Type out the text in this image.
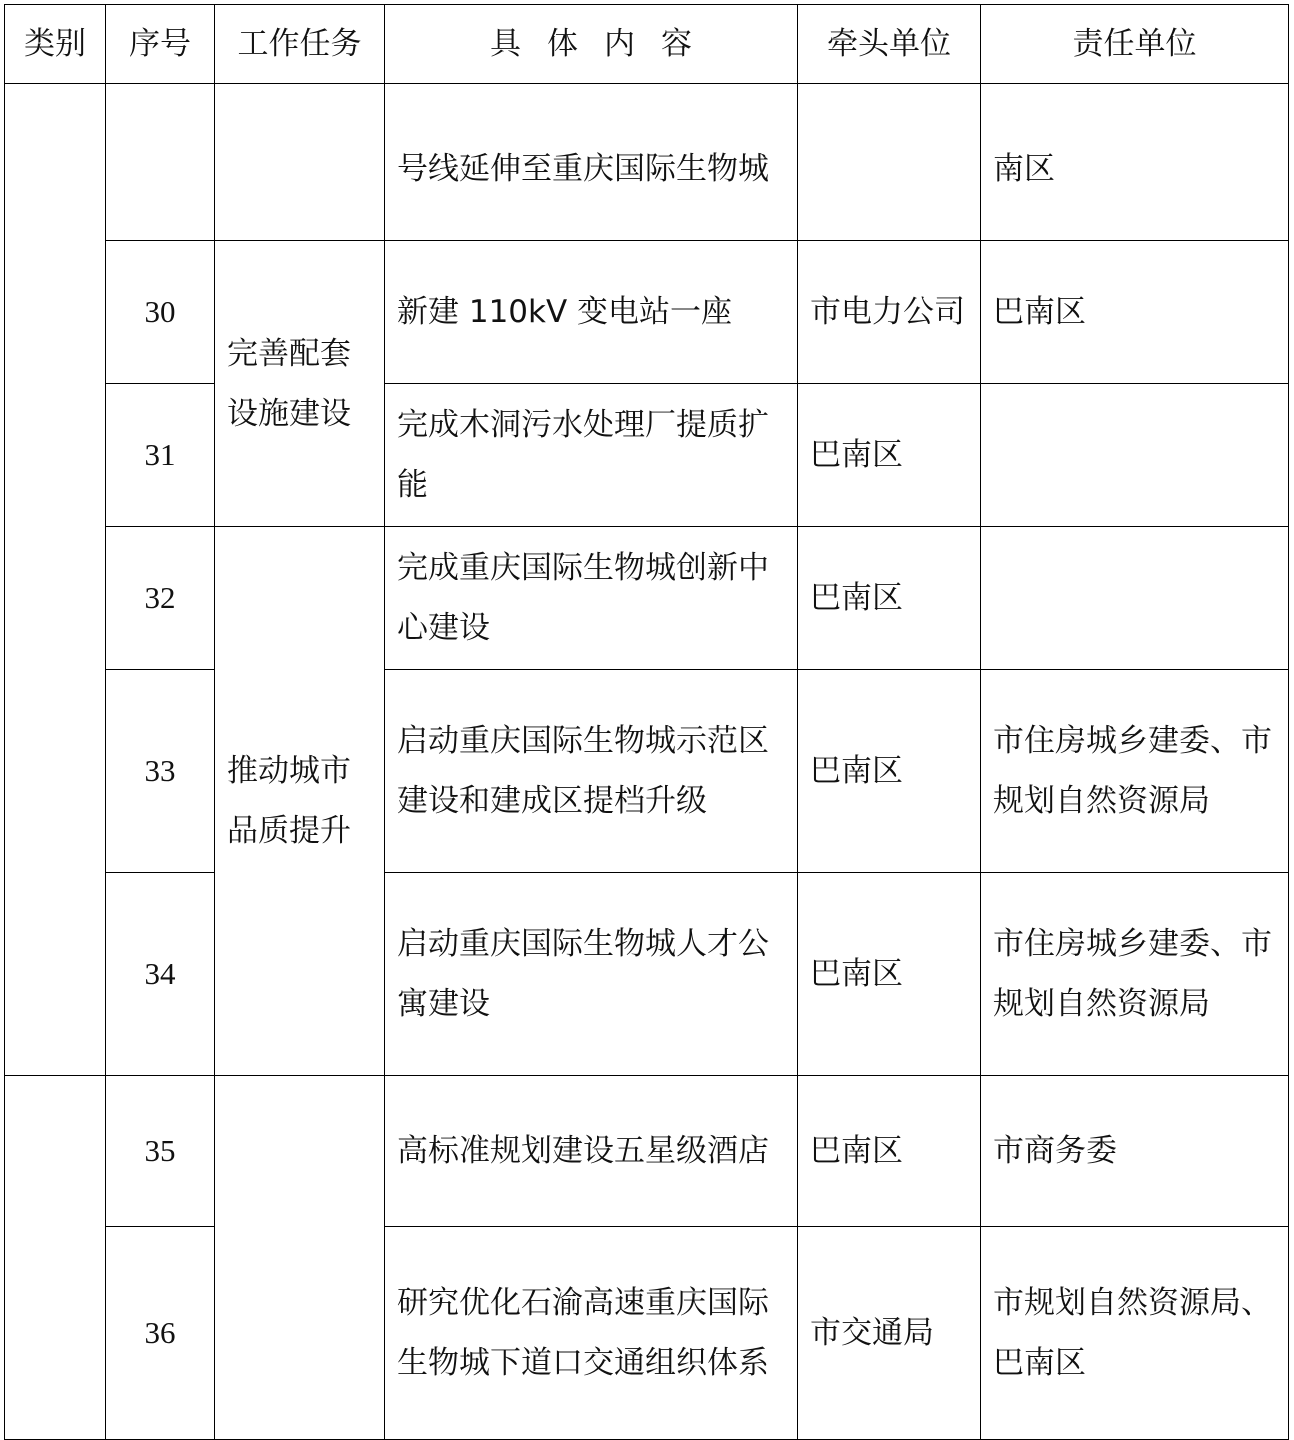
类别	序号	工作任务	具体内容	牵头单位	责任单位
			号线延伸至重庆国际生物城		南区
	30	完善配套设施建设	新建 110kV 变电站一座	市电力公司	巴南区
	31		完成木洞污水处理厂提质扩能	巴南区	
	32	推动城市品质提升	完成重庆国际生物城创新中心建设	巴南区	
	33		启动重庆国际生物城示范区建设和建成区提档升级	巴南区	市住房城乡建委、市规划自然资源局
	34		启动重庆国际生物城人才公寓建设	巴南区	市住房城乡建委、市规划自然资源局
	35		高标准规划建设五星级酒店	巴南区	市商务委
	36		研究优化石渝高速重庆国际生物城下道口交通组织体系	市交通局	市规划自然资源局、巴南区
